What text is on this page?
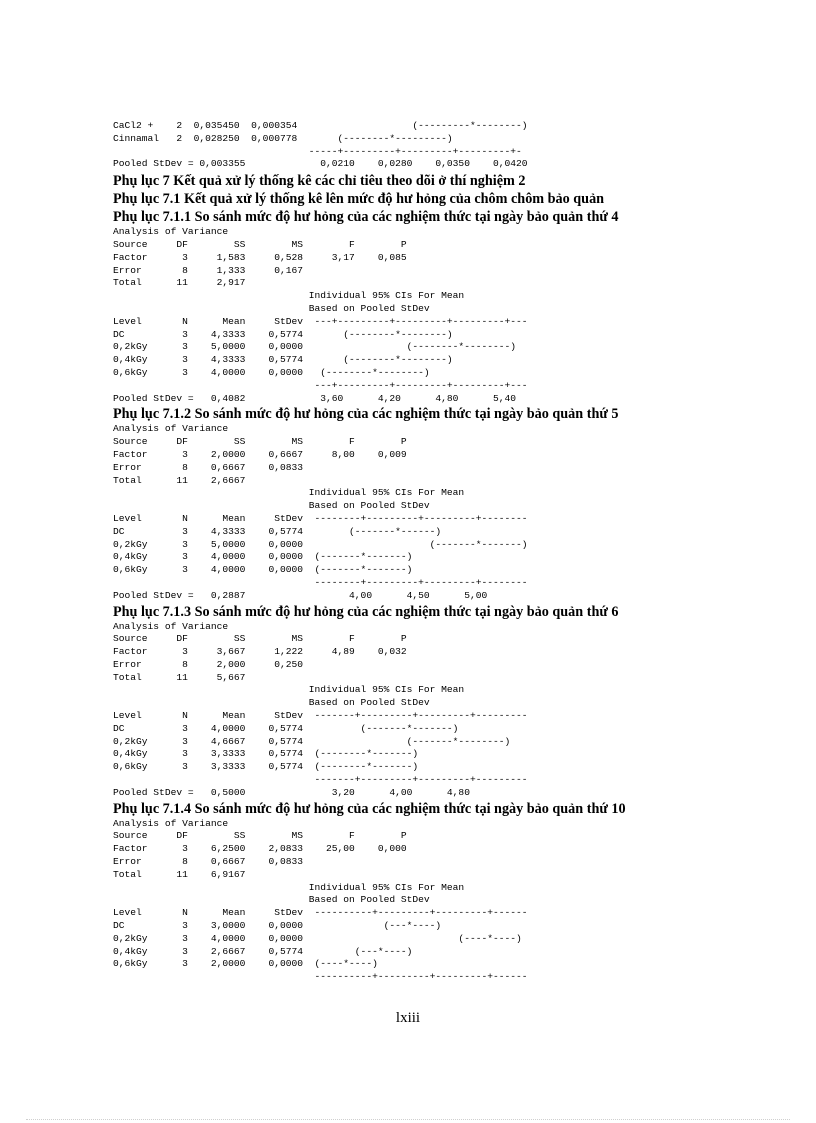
CaCl2 +    2  0,035450  0,000354                    (---------*--------)
Cinnamal   2  0,028250  0,000778       (--------*---------)
-----+---------+---------+---------+-
Pooled StDev = 0,003355             0,0210    0,0280    0,0350    0,0420
Phụ lục 7 Kết quả xử lý thống kê các chỉ tiêu theo dõi ở thí nghiệm 2
Phụ lục 7.1 Kết quả xử lý thống kê lên mức độ hư hỏng của chôm chôm bảo quản
Phụ lục 7.1.1 So sánh mức độ hư hỏng của các nghiệm thức tại ngày bảo quản thứ 4
Analysis of Variance
Source     DF        SS        MS        F        P
Factor      3     1,583     0,528     3,17    0,085
Error       8     1,333     0,167
Total      11     2,917
Individual 95% CIs For Mean
Based on Pooled StDev
Level       N      Mean     StDev  ---+---------+---------+---------+---
DC          3    4,3333    0,5774       (--------*--------)
0,2kGy      3    5,0000    0,0000                  (--------*--------)
0,4kGy      3    4,3333    0,5774       (--------*--------)
0,6kGy      3    4,0000    0,0000   (--------*--------)
---+---------+---------+---------+---
Pooled StDev =   0,4082             3,60      4,20      4,80      5,40
Phụ lục 7.1.2 So sánh mức độ hư hỏng của các nghiệm thức tại ngày bảo quản thứ 5
Analysis of Variance
Source     DF        SS        MS        F        P
Factor      3    2,0000    0,6667     8,00    0,009
Error       8    0,6667    0,0833
Total      11    2,6667
Individual 95% CIs For Mean
Based on Pooled StDev
Level       N      Mean     StDev  --------+---------+---------+--------
DC          3    4,3333    0,5774        (-------*------)
0,2kGy      3    5,0000    0,0000                      (-------*-------)
0,4kGy      3    4,0000    0,0000  (-------*-------)
0,6kGy      3    4,0000    0,0000  (-------*-------)
--------+---------+---------+--------
Pooled StDev =   0,2887                  4,00      4,50      5,00
Phụ lục 7.1.3 So sánh mức độ hư hỏng của các nghiệm thức tại ngày bảo quản thứ 6
Analysis of Variance
Source     DF        SS        MS        F        P
Factor      3     3,667     1,222     4,89    0,032
Error       8     2,000     0,250
Total      11     5,667
Individual 95% CIs For Mean
Based on Pooled StDev
Level       N      Mean     StDev  -------+---------+---------+---------
DC          3    4,0000    0,5774          (-------*-------)
0,2kGy      3    4,6667    0,5774                  (-------*--------)
0,4kGy      3    3,3333    0,5774  (--------*-------)
0,6kGy      3    3,3333    0,5774  (--------*-------)
-------+---------+---------+---------
Pooled StDev =   0,5000               3,20      4,00      4,80
Phụ lục 7.1.4 So sánh mức độ hư hỏng của các nghiệm thức tại ngày bảo quản thứ 10
Analysis of Variance
Source     DF        SS        MS        F        P
Factor      3    6,2500    2,0833    25,00    0,000
Error       8    0,6667    0,0833
Total      11    6,9167
Individual 95% CIs For Mean
Based on Pooled StDev
Level       N      Mean     StDev  ----------+---------+---------+------
DC          3    3,0000    0,0000              (---*----)
0,2kGy      3    4,0000    0,0000                           (----*----)
0,4kGy      3    2,6667    0,5774         (---*----)
0,6kGy      3    2,0000    0,0000  (----*----)
----------+---------+---------+------
lxiii
